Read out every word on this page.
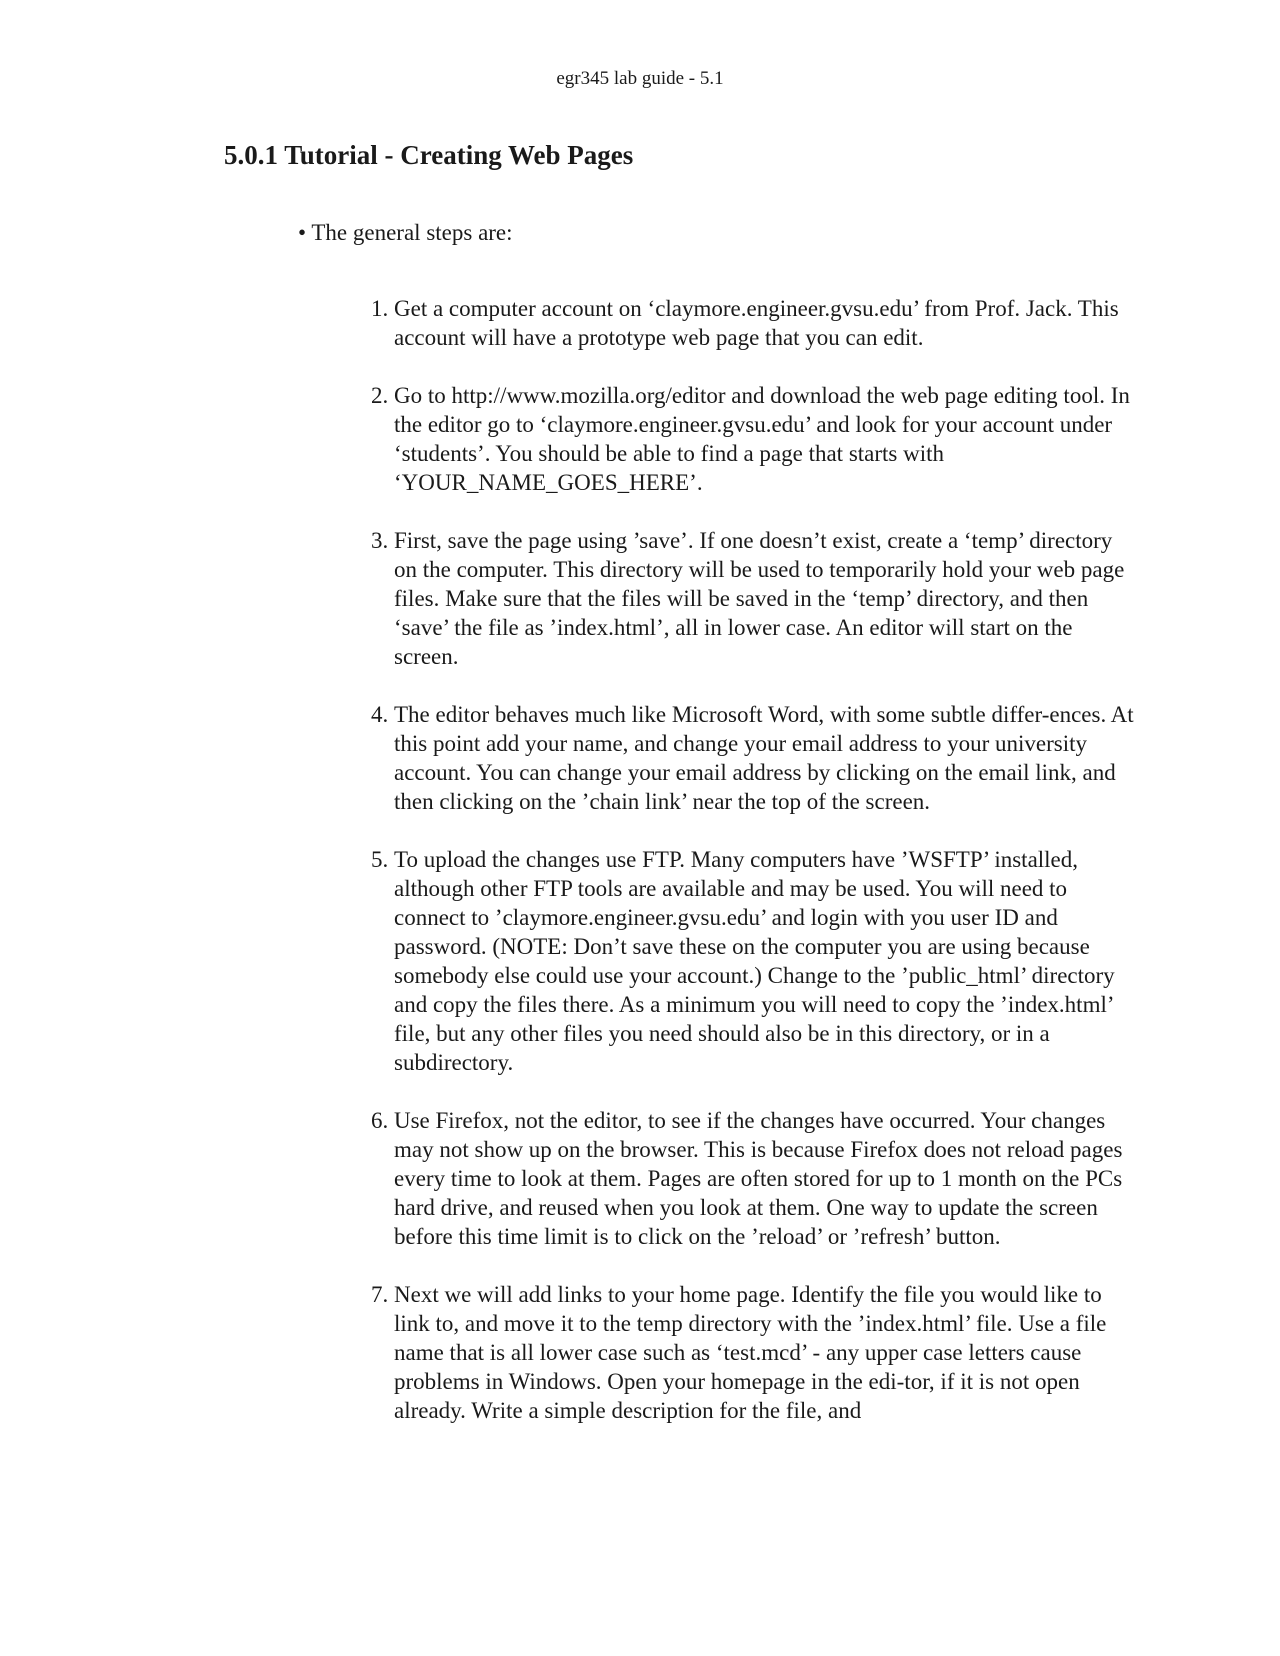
egr345 lab guide - 5.1
5.0.1 Tutorial - Creating Web Pages
• The general steps are:
1. Get a computer account on ‘claymore.engineer.gvsu.edu’ from Prof. Jack. This account will have a prototype web page that you can edit.
2. Go to http://www.mozilla.org/editor and download the web page editing tool. In the editor go to ‘claymore.engineer.gvsu.edu’ and look for your account under ‘students’. You should be able to find a page that starts with ‘YOUR_NAME_GOES_HERE’.
3. First, save the page using ’save’. If one doesn’t exist, create a ‘temp’ directory on the computer. This directory will be used to temporarily hold your web page files. Make sure that the files will be saved in the ‘temp’ directory, and then ‘save’ the file as ’index.html’, all in lower case. An editor will start on the screen.
4. The editor behaves much like Microsoft Word, with some subtle differ-ences. At this point add your name, and change your email address to your university account. You can change your email address by clicking on the email link, and then clicking on the ’chain link’ near the top of the screen.
5. To upload the changes use FTP. Many computers have ’WSFTP’ installed, although other FTP tools are available and may be used. You will need to connect to ’claymore.engineer.gvsu.edu’ and login with you user ID and password. (NOTE: Don’t save these on the computer you are using because somebody else could use your account.) Change to the ’public_html’ directory and copy the files there. As a minimum you will need to copy the ’index.html’ file, but any other files you need should also be in this directory, or in a subdirectory.
6. Use Firefox, not the editor, to see if the changes have occurred. Your changes may not show up on the browser. This is because Firefox does not reload pages every time to look at them. Pages are often stored for up to 1 month on the PCs hard drive, and reused when you look at them. One way to update the screen before this time limit is to click on the ’reload’ or ’refresh’ button.
7. Next we will add links to your home page. Identify the file you would like to link to, and move it to the temp directory with the ’index.html’ file. Use a file name that is all lower case such as ‘test.mcd’ - any upper case letters cause problems in Windows. Open your homepage in the edi-tor, if it is not open already. Write a simple description for the file, and
